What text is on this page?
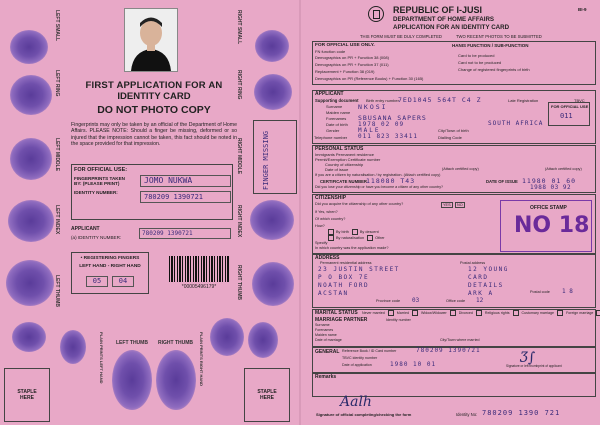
LEFT SMALL
LEFT RING
LEFT MIDDLE
LEFT INDEX
LEFT THUMB
RIGHT SMALL
RIGHT RING
RIGHT MIDDLE
RIGHT INDEX
RIGHT THUMB
LEFT THUMB RIGHT THUMB
PLAIN PRINTS LEFT HAND	PLAIN PRINTS RIGHT HAND
STAPLE HERE
STAPLE HERE
FIRST APPLICATION FOR AN
IDENTITY CARD
DO NOT PHOTO COPY
Fingerprints may only be taken by an official of the Department of Home Affairs. PLEASE NOTE: Should a finger be missing, deformed or so injured that the impression cannot be taken, this fact should be noted in the space provided for that impression.
FOR OFFICIAL USE:
FINGERPRINTS TAKEN BY: (PLEASE PRINT)	JOMO NUKWA
IDENTITY NUMBER:
780209 1390721
APPLICANT
(a) IDENTITY NUMBER:
780209 1390721
• REGISTERING FINGERS
LEFT HAND - RIGHT HAND
05	04
*00005496179*
FINGER MISSING
REPUBLIC OF I-JUSI
DEPARTMENT OF HOME AFFAIRS
APPLICATION FOR AN IDENTITY CARD
BI-9
THIS FORM MUST BE DULY COMPLETED	TWO RECENT PHOTOS TO BE SUBMITTED
FOR OFFICIAL USE ONLY.
FN function code
Demographics on PR + Function 38 (008)
Demographics on PR + Function 37 (011)
Replacement + Function 38 (019)
Demographics on PR (Reference Books) + Function 30 (165)
HANIS FUNCTION / SUB-FUNCTION
Card to be produced
Card not to be produced
Change of registered fingerprints of birth
APPLICANT
Supporting document Birth entry number 7ED1045 564T C4 Z	Late Registration	TBVC
Surname NKOSI
Maiden name
Forenames SBUSANA SAPERS
Date of birth 1978 02 09
Gender	MALE
Telephone number 011 823 33411
City/Town of birth
SOUTH AFRICA
Dialling Code
FOR OFFICIAL USE
011
PERSONAL STATUS
Immigrants Permanent residence
Permit/Exemption Certificate number
Country of citizenship
Date of issue	(Attach certified copy)	(Attach certified copy)
If you are a citizen by naturalisation / by registration. (Attach certified copy)
CERTIFICATE NUMBER 118080 T43	DATE OF ISSUE 11980 01 60
Did you lose your citizenship or have you become a citizen of any other country?	1988 03 92
CITIZENSHIP
Did you acquire the citizenship of any other country?	YES	NO
If Yes, when?
Of which country?
How?
By birth	By descent
By naturalisation	Other
Specify
In which country was the application made?
OFFICE STAMP
NO 18
ADDRESS
Permanent residential address
23 JUSTIN STREET
P O BOX 7E
NOATH FORD
ACSTAN
Postal address
12 YOUNG
CARD
DETAILS
ARK A
Province code 03	Office code 12
Postal code 1 8
MARITAL STATUS Never married	Married	Widow/Widower	Divorced	Religious rights	Customary marriage	Foreign marriage
MARRIAGE PARTNER	Identity number
Surname
Forenames
Maiden name
City/Town where married
Date of marriage
GENERAL Reference Book / ID Card number	780209 1390721
TBVC identity number
Date of application	1980 10 01	Ʒ∫
Signature or left thumbprint of applicant
Remarks
Aalh
Signature of official completing/checking the form	Identity No: 780209 1390 721
